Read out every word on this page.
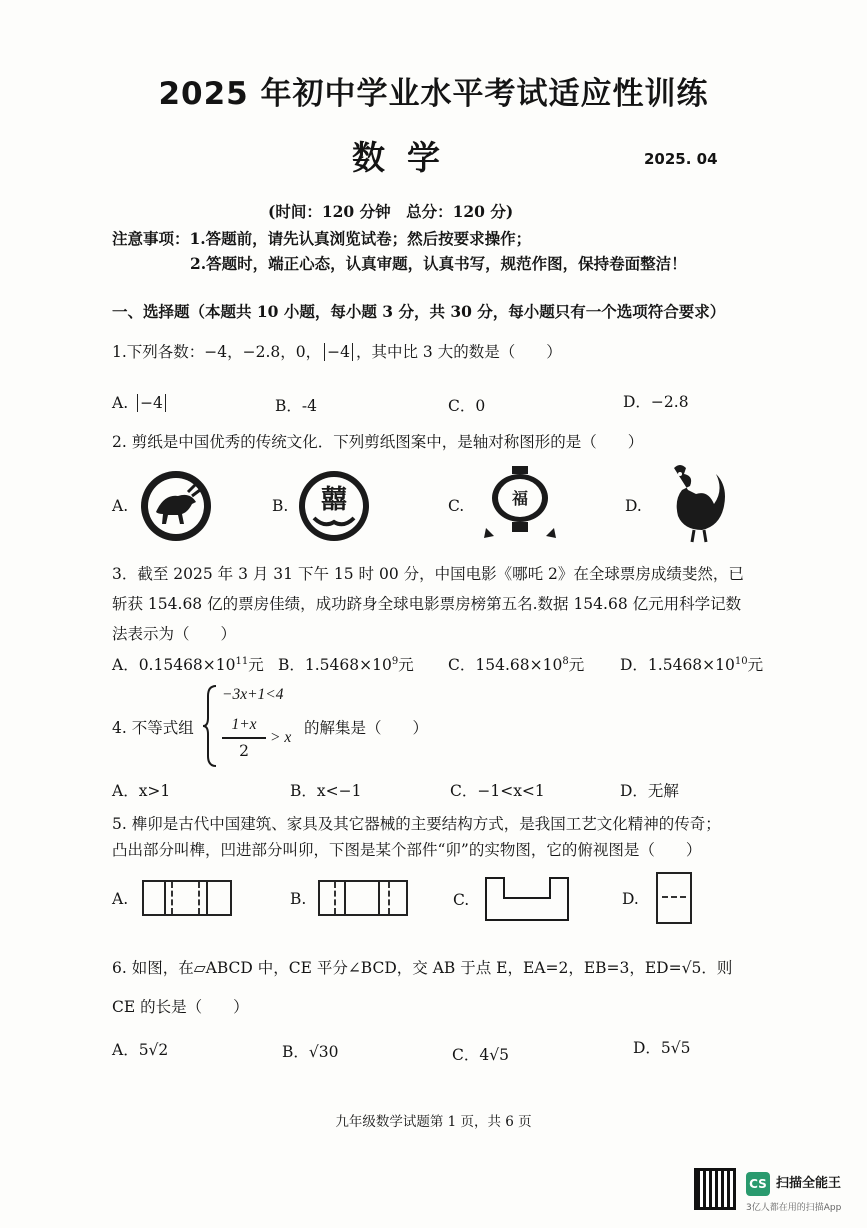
2025 年初中学业水平考试适应性训练
数学	2025. 04
(时间：120 分钟　总分：120 分)
注意事项：1.答题前，请先认真浏览试卷；然后按要求操作；
2.答题时，端正心态，认真审题，认真书写，规范作图，保持卷面整洁！
一、选择题（本题共 10 小题，每小题 3 分，共 30 分，每小题只有一个选项符合要求）
1.下列各数：−4，−2.8，0， −4 ，其中比 3 大的数是（　　）
A. −4	B．-4	C．0	D．−2.8
2. 剪纸是中国优秀的传统文化．下列剪纸图案中，是轴对称图形的是（　　）
A.	B. 囍	C.	福	D.
3．截至 2025 年 3 月 31 下午 15 时 00 分，中国电影《哪吒 2》在全球票房成绩斐然，已
斩获 154.68 亿的票房佳绩，成功跻身全球电影票房榜第五名.数据 154.68 亿元用科学记数
法表示为（　　）
A．$0.15468\times 10^{11}$元 B．$1.5468\times 10^9$元 C．$154.68\times 10^8$元 D．$1.5468\times 10^{10}$元
4. 不等式组
−3x+1<4
1+x
2
> x
的解集是（　　）
A．x>1	B．x<−1	C．−1<x<1	D．无解
5. 榫卯是古代中国建筑、家具及其它器械的主要结构方式，是我国工艺文化精神的传奇；
凸出部分叫榫，凹进部分叫卯，下图是某个部件“卯”的实物图，它的俯视图是（　　）
A.	B.	C.	D.
6. 如图，在▱ABCD 中，CE 平分∠BCD，交 AB 于点 E，EA=2，EB=3，ED=√5．则
CE 的长是（　　）
A．5√2	B．√30	C．4√5	D．5√5
九年级数学试题第 1 页，共 6 页
CS 扫描全能王
3亿人都在用的扫描App
